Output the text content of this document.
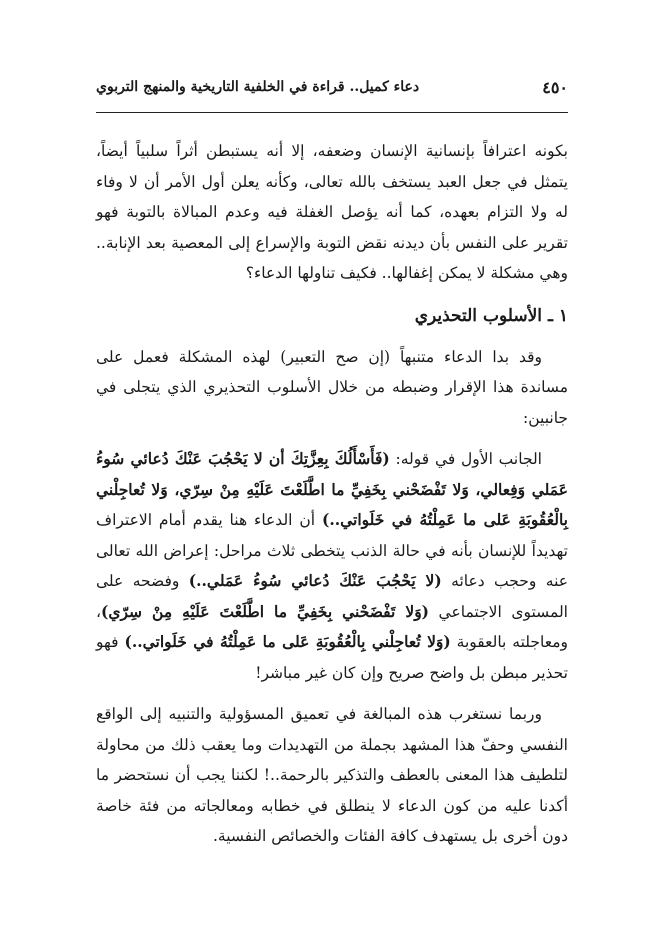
٤٥٠
دعاء كميل.. قراءة في الخلفية التاريخية والمنهج التربوي

بكونه اعترافاً بإنسانية الإنسان وضعفه، إلا أنه يستبطن أثراً سلبياً أيضاً، يتمثل في جعل العبد يستخف بالله تعالى، وكأنه يعلن أول الأمر أن لا وفاء له ولا التزام بعهده، كما أنه يؤصل الغفلة فيه وعدم المبالاة بالتوبة فهو تقرير على النفس بأن ديدنه نقض التوبة والإسراع إلى المعصية بعد الإنابة.. وهي مشكلة لا يمكن إغفالها.. فكيف تناولها الدعاء؟

١ ـ الأسلوب التحذيري

وقد بدا الدعاء متنبهاً (إن صح التعبير) لهذه المشكلة فعمل على مساندة هذا الإقرار وضبطه من خلال الأسلوب التحذيري الذي يتجلى في جانبين:

الجانب الأول في قوله: (فَأَسْأَلُكَ بِعِزَّتِكَ أن لا يَحْجُبَ عَنْكَ دُعائي سُوءُ عَمَلي وَفِعالي، وَلا تَفْضَحْني بِخَفِيِّ ما اطَّلَعْتَ عَلَيْهِ مِنْ سِرّي، وَلا تُعاجِلْني بِالْعُقُوبَةِ عَلى ما عَمِلْتُهُ في خَلَواتي..) أن الدعاء هنا يقدم أمام الاعتراف تهديداً للإنسان بأنه في حالة الذنب يتخطى ثلاث مراحل: إعراض الله تعالى عنه وحجب دعائه (لا يَحْجُبَ عَنْكَ دُعائي سُوءُ عَمَلي..) وفضحه على المستوى الاجتماعي (وَلا تَفْضَحْني بِخَفِيِّ ما اطَّلَعْتَ عَلَيْهِ مِنْ سِرّي)، ومعاجلته بالعقوبة (وَلا تُعاجِلْني بِالْعُقُوبَةِ عَلى ما عَمِلْتُهُ في خَلَواتي..) فهو تحذير مبطن بل واضح صريح وإن كان غير مباشر!

وربما نستغرب هذه المبالغة في تعميق المسؤولية والتنبيه إلى الواقع النفسي وحفّ هذا المشهد بجملة من التهديدات وما يعقب ذلك من محاولة لتلطيف هذا المعنى بالعطف والتذكير بالرحمة..! لكننا يجب أن نستحضر ما أكدنا عليه من كون الدعاء لا ينطلق في خطابه ومعالجاته من فئة خاصة دون أخرى بل يستهدف كافة الفئات والخصائص النفسية.
